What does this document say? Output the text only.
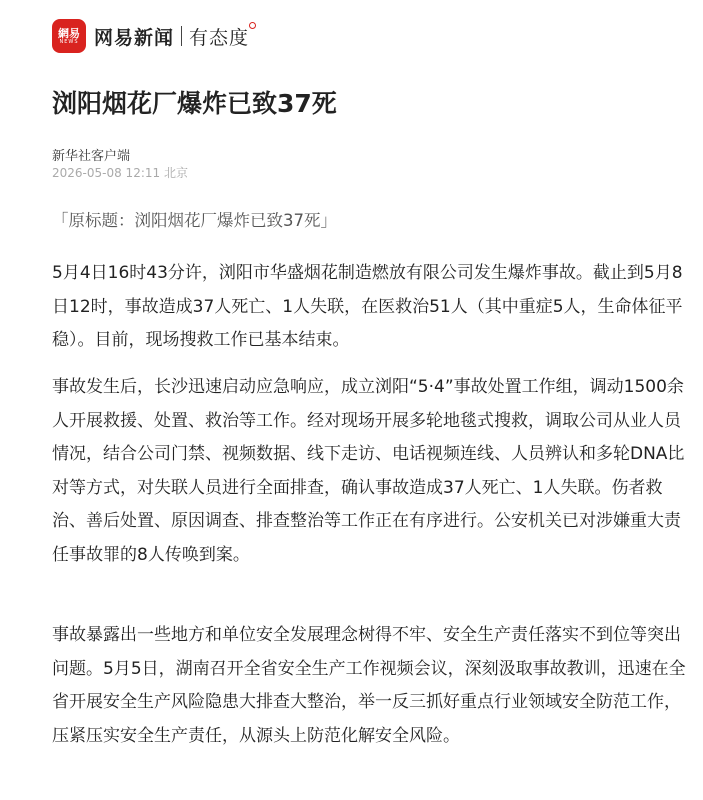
網易
NEWS 网易新闻 有态度
浏阳烟花厂爆炸已致37死
新华社客户端
2026-05-08 12:11 北京
「原标题：浏阳烟花厂爆炸已致37死」

5月4日16时43分许，浏阳市华盛烟花制造燃放有限公司发生爆炸事故。截止到5月8日12时，事故造成37人死亡、1人失联，在医救治51人（其中重症5人，生命体征平稳）。目前，现场搜救工作已基本结束。

事故发生后，长沙迅速启动应急响应，成立浏阳“5·4”事故处置工作组，调动1500余人开展救援、处置、救治等工作。经对现场开展多轮地毯式搜救，调取公司从业人员情况，结合公司门禁、视频数据、线下走访、电话视频连线、人员辨认和多轮DNA比对等方式，对失联人员进行全面排查，确认事故造成37人死亡、1人失联。伤者救治、善后处置、原因调查、排查整治等工作正在有序进行。公安机关已对涉嫌重大责任事故罪的8人传唤到案。

事故暴露出一些地方和单位安全发展理念树得不牢、安全生产责任落实不到位等突出问题。5月5日，湖南召开全省安全生产工作视频会议，深刻汲取事故教训，迅速在全省开展安全生产风险隐患大排查大整治，举一反三抓好重点行业领域安全防范工作，压紧压实安全生产责任，从源头上防范化解安全风险。
